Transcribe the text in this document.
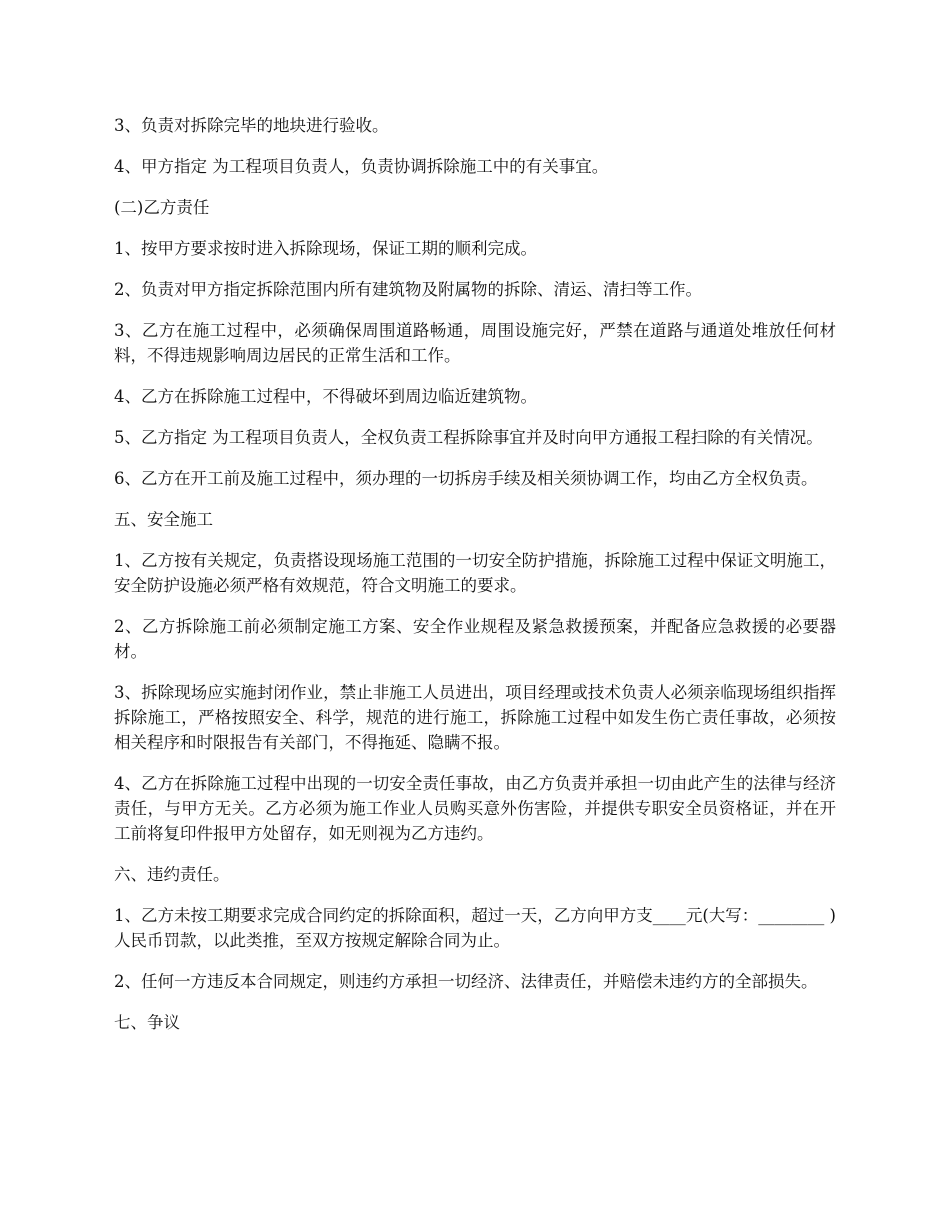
3、负责对拆除完毕的地块进行验收。

4、甲方指定 为工程项目负责人，负责协调拆除施工中的有关事宜。

(二)乙方责任

1、按甲方要求按时进入拆除现场，保证工期的顺利完成。

2、负责对甲方指定拆除范围内所有建筑物及附属物的拆除、清运、清扫等工作。

3、乙方在施工过程中，必须确保周围道路畅通，周围设施完好，严禁在道路与通道处堆放任何材料，不得违规影响周边居民的正常生活和工作。

4、乙方在拆除施工过程中，不得破坏到周边临近建筑物。

5、乙方指定 为工程项目负责人，全权负责工程拆除事宜并及时向甲方通报工程扫除的有关情况。

6、乙方在开工前及施工过程中，须办理的一切拆房手续及相关须协调工作，均由乙方全权负责。

五、安全施工

1、乙方按有关规定，负责搭设现场施工范围的一切安全防护措施，拆除施工过程中保证文明施工，安全防护设施必须严格有效规范，符合文明施工的要求。

2、乙方拆除施工前必须制定施工方案、安全作业规程及紧急救援预案，并配备应急救援的必要器材。

3、拆除现场应实施封闭作业，禁止非施工人员进出，项目经理或技术负责人必须亲临现场组织指挥拆除施工，严格按照安全、科学，规范的进行施工，拆除施工过程中如发生伤亡责任事故，必须按相关程序和时限报告有关部门，不得拖延、隐瞒不报。

4、乙方在拆除施工过程中出现的一切安全责任事故，由乙方负责并承担一切由此产生的法律与经济责任，与甲方无关。乙方必须为施工作业人员购买意外伤害险，并提供专职安全员资格证，并在开工前将复印件报甲方处留存，如无则视为乙方违约。

六、违约责任。

1、乙方未按工期要求完成合同约定的拆除面积，超过一天，乙方向甲方支____元(大写：________ )人民币罚款，以此类推，至双方按规定解除合同为止。

2、任何一方违反本合同规定，则违约方承担一切经济、法律责任，并赔偿未违约方的全部损失。

七、争议
